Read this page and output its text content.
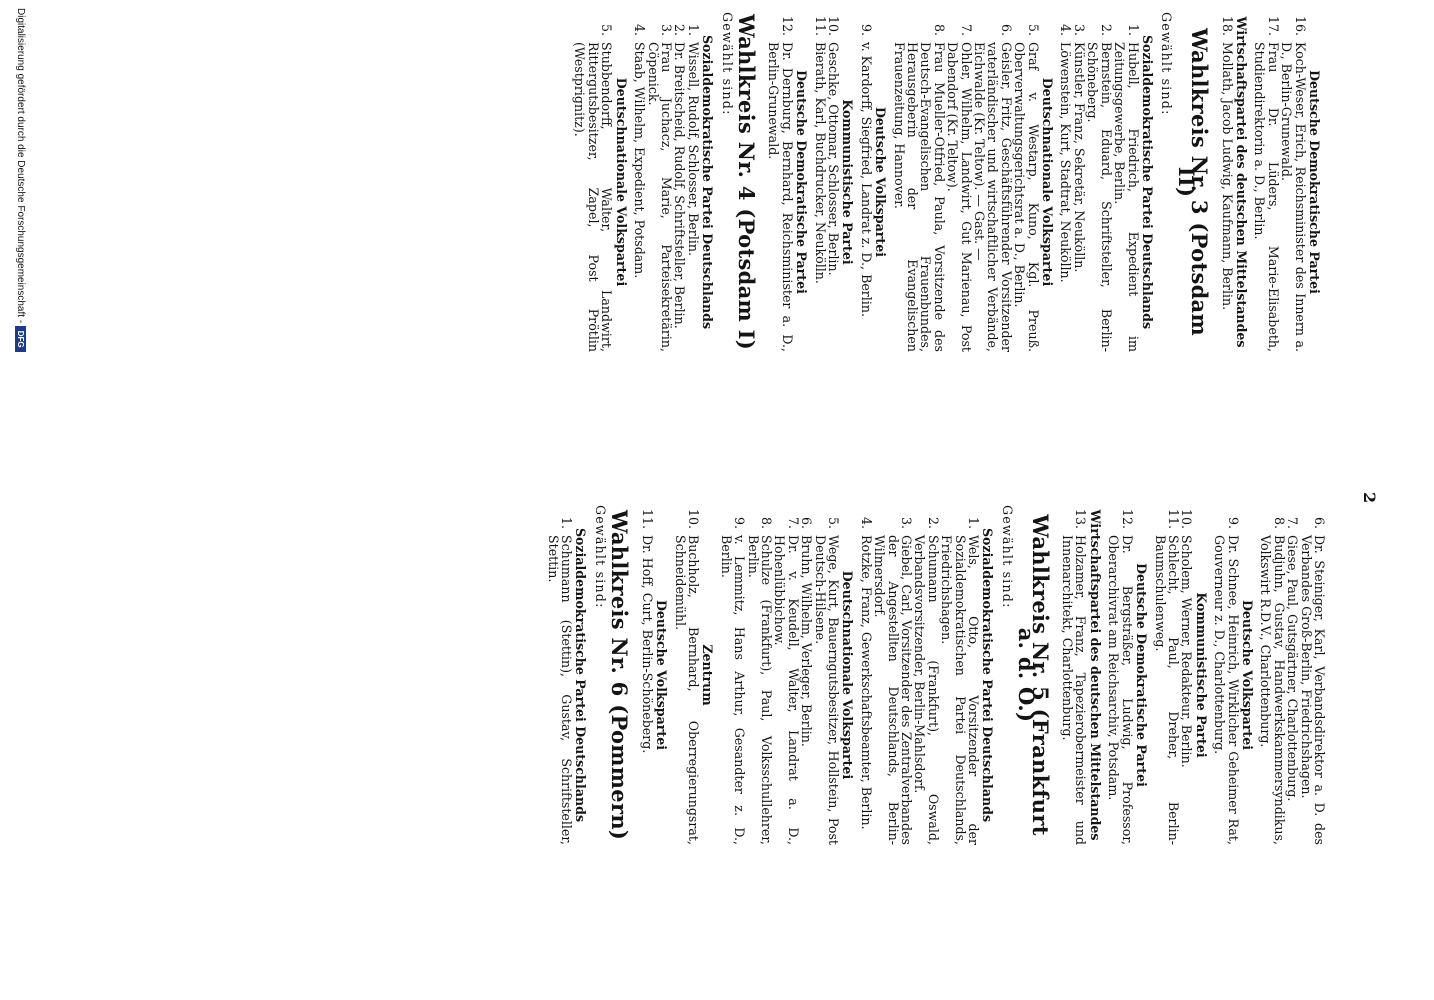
2
Deutsche Demokratische Partei
16.
Koch-Weser, Erich, Reichsminister des Innern a. D., Berlin-Grunewald.
17.
Frau Dr. Lüders, Marie-Elisabeth, Studiendirektorin a. D., Berlin.
Wirtschaftspartei des deutschen Mittelstandes
18.
Mollath, Jacob Ludwig, Kaufmann, Berlin.
Wahlkreis Nr. 3 (Potsdam II)
Gewählt sind:
Sozialdemokratische Partei Deutschlands
1.
Hubell, Friedrich, Expedient im Zeitungsgewerbe, Berlin.
2.
Bernstein, Eduard, Schriftsteller, Berlin-Schöneberg.
3.
Künstler, Franz, Sekretär, Neukölln.
4.
Löwenstein, Kurt, Stadtrat, Neukölln.
Deutschnationale Volkspartei
5.
Graf v. Westarp, Kuno, Kgl. Preuß. Oberverwaltungsgerichtsrat a. D., Berlin.
6.
Geisler, Fritz, Geschäftsführender Vorsitzender vaterländischer und wirtschaftlicher Verbände, Eichwalde (Kr. Teltow). — Gast. —
7.
Ohler, Wilhelm, Landwirt, Gut Marienau, Post Dabendorf (Kr. Teltow).
8.
Frau Mueller-Otfried, Paula, Vorsitzende des Deutsch-Evangelischen Frauenbundes, Herausgeberin der Evangelischen Frauenzeitung, Hannover.
Deutsche Volkspartei
9.
v. Kardorff, Siegfried, Landrat z. D., Berlin.
Kommunistische Partei
10.
Geschke, Ottomar, Schlosser, Berlin.
11.
Bierath, Karl, Buchdrucker, Neukölln.
Deutsche Demokratische Partei
12.
Dr. Dernburg, Bernhard, Reichsminister a. D., Berlin-Grunewald.
Wahlkreis Nr. 4 (Potsdam I)
Gewählt sind:
Sozialdemokratische Partei Deutschlands
1.
Wissell, Rudolf, Schlosser, Berlin.
2.
Dr. Breitscheid, Rudolf, Schriftsteller, Berlin.
3.
Frau Juchacz, Marie, Parteisekretärin, Cöpenick.
4.
Staab, Wilhelm, Expedient, Potsdam.
Deutschnationale Volkspartei
5.
Stubbendorff, Walter, Landwirt, Rittergutsbesitzer, Zapel, Post Prötlin (Westprignitz).
6.
Dr. Steiniger, Karl, Verbandsdirektor a. D. des Verbandes Groß-Berlin, Friedrichshagen.
7.
Giese, Paul, Gutsgärtner, Charlottenburg.
8.
Budjuhn, Gustav, Handwerkskammersyndikus, Volkswirt R.D.V., Charlottenburg.
Deutsche Volkspartei
9.
Dr. Schnee, Heinrich, Wirklicher Geheimer Rat, Gouverneur z. D., Charlottenburg.
Kommunistische Partei
10.
Scholem, Werner, Redakteur, Berlin.
11.
Schlecht, Paul, Dreher, Berlin-Baumschulenweg.
Deutsche Demokratische Partei
12.
Dr. Bergsträßer, Ludwig, Professor, Oberarchivrat am Reichsarchiv, Potsdam.
Wirtschaftspartei des deutschen Mittelstandes
13.
Holzamer, Franz, Tapezierobermeister und Innenarchitekt, Charlottenburg.
Wahlkreis Nr. 5 (Frankfurt a. d. O.)
Gewählt sind:
Sozialdemokratische Partei Deutschlands
1.
Wels, Otto, Vorsitzender der Sozialdemokratischen Partei Deutschlands, Friedrichshagen.
2.
Schumann (Frankfurt), Oswald, Verbandsvorsitzender, Berlin-Mahlsdorf.
3.
Giebel, Carl, Vorsitzender des Zentralverbandes der Angestellten Deutschlands, Berlin-Wilmersdorf.
4.
Rotzke, Franz, Gewerkschaftsbeamter, Berlin.
Deutschnationale Volkspartei
5.
Wege, Kurt, Bauerngutsbesitzer, Hollstein, Post Deutsch-Hilsene.
6.
Bruhn, Wilhelm, Verleger, Berlin.
7.
Dr. v. Keudell, Walter, Landrat a. D., Hohenlübbichow.
8.
Schulze (Frankfurt), Paul, Volksschullehrer, Berlin.
9.
v. Lemmitz, Hans Arthur, Gesandter z. D., Berlin.
Zentrum
10.
Buchholz, Bernhard, Oberregierungsrat, Schneidemühl.
Deutsche Volkspartei
11.
Dr. Hoff, Curt, Berlin-Schöneberg.
Wahlkreis Nr. 6 (Pommern)
Gewählt sind:
Sozialdemokratische Partei Deutschlands
1.
Schumann (Stettin), Gustav, Schriftsteller, Stettin.
Digitalisierung gefördert durch die Deutsche Forschungsgemeinschaft -
DFG
